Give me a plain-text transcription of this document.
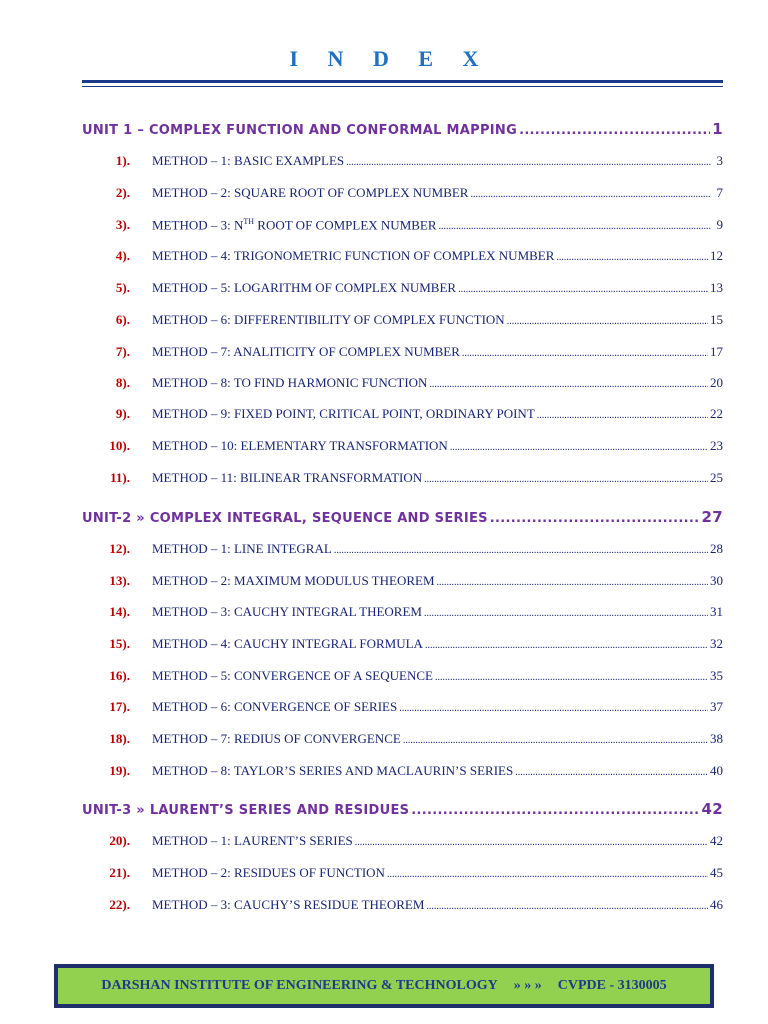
I N D E X
UNIT 1 – COMPLEX FUNCTION AND CONFORMAL MAPPING .....	1
1). METHOD – 1: BASIC EXAMPLES .....	3
2). METHOD – 2: SQUARE ROOT OF COMPLEX NUMBER .....	7
3). METHOD – 3: $N^{TH}$ ROOT OF COMPLEX NUMBER .....	9
4). METHOD – 4: TRIGONOMETRIC FUNCTION OF COMPLEX NUMBER .....	12
5). METHOD – 5: LOGARITHM OF COMPLEX NUMBER .....	13
6). METHOD – 6: DIFFERENTIBILITY OF COMPLEX FUNCTION .....	15
7). METHOD – 7: ANALITICITY OF COMPLEX NUMBER .....	17
8). METHOD – 8: TO FIND HARMONIC FUNCTION .....	20
9). METHOD – 9: FIXED POINT, CRITICAL POINT, ORDINARY POINT .....	22
10). METHOD – 10: ELEMENTARY TRANSFORMATION .....	23
11). METHOD – 11: BILINEAR TRANSFORMATION .....	25
UNIT-2 » COMPLEX INTEGRAL, SEQUENCE AND SERIES .....	27
12). METHOD – 1: LINE INTEGRAL .....	28
13). METHOD – 2: MAXIMUM MODULUS THEOREM .....	30
14). METHOD – 3: CAUCHY INTEGRAL THEOREM .....	31
15). METHOD – 4: CAUCHY INTEGRAL FORMULA .....	32
16). METHOD – 5: CONVERGENCE OF A SEQUENCE .....	35
17). METHOD – 6: CONVERGENCE OF SERIES .....	37
18). METHOD – 7: REDIUS OF CONVERGENCE .....	38
19). METHOD – 8: TAYLOR’S SERIES AND MACLAURIN’S SERIES .....	40
UNIT-3 » LAURENT’S SERIES AND RESIDUES .....	42
20). METHOD – 1: LAURENT’S SERIES .....	42
21). METHOD – 2: RESIDUES OF FUNCTION .....	45
22). METHOD – 3: CAUCHY’S RESIDUE THEOREM .....	46
DARSHAN INSTITUTE OF ENGINEERING & TECHNOLOGY » » » CVPDE - 3130005
